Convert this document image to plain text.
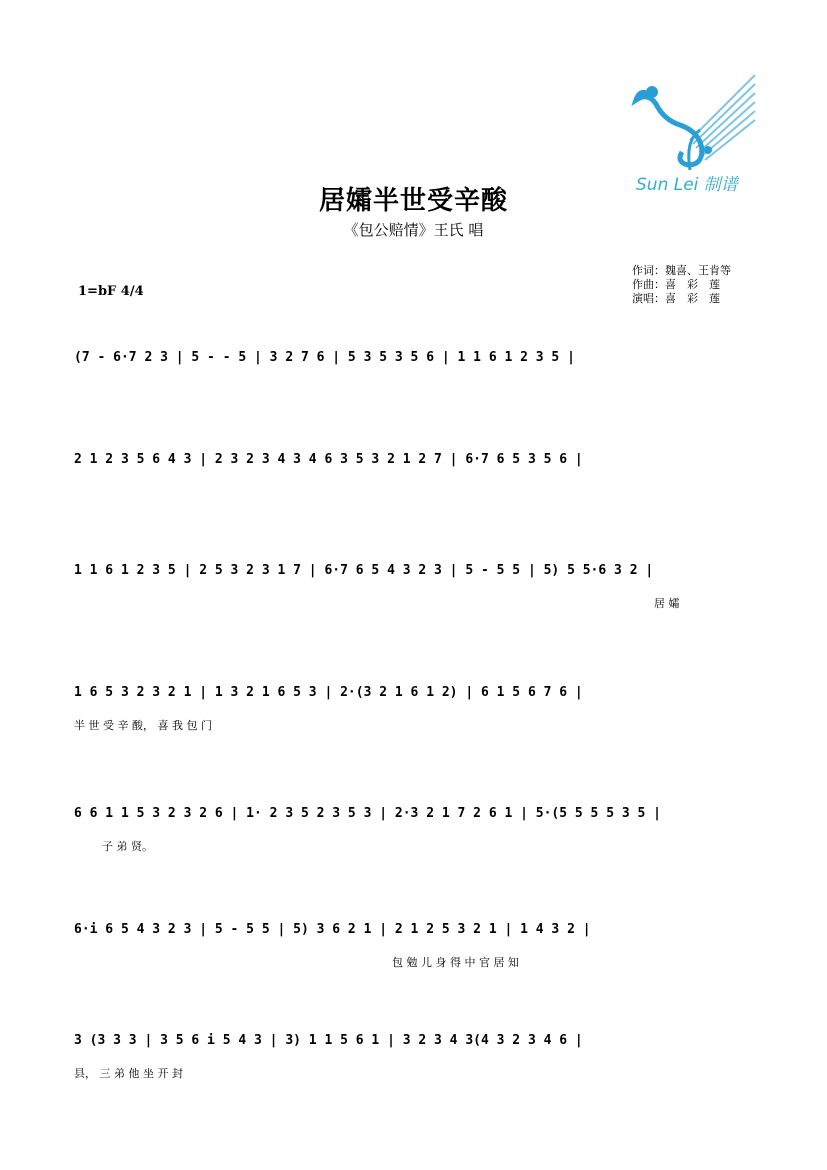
Sun Lei 制谱
居孀半世受辛酸
《包公赔情》王氏 唱
作词：魏喜、王肯等
作曲：喜　彩　莲
演唱：喜　彩　莲
1=bF 4/4
(7 - 6·7 2 3 | 5 - - 5 | 3 2 7 6 | 5 3 5 3 5 6 | 1 1 6 1 2 3 5 |
2 1 2 3 5 6 4 3 | 2 3 2 3 4 3 4 6 3 5 3 2 1 2 7 | 6·7 6 5 3 5 6 |
1 1 6 1 2 3 5 | 2 5 3 2 3 1 7 | 6·7 6 5 4 3 2 3 | 5 - 5 5 | 5) 5 5·6 3 2 |
居 孀
1 6 5 3 2 3 2 1 | 1 3 2 1 6 5 3 | 2·(3 2 1 6 1 2) | 6 1 5 6 7 6 |
半 世 受 辛 酸， 喜 我 包 门
6 6 1 1 5 3 2 3 2 6 | 1· 2 3 5 2 3 5 3 | 2·3 2 1 7 2 6 1 | 5·(5 5 5 5 3 5 |
子 弟 贤。
6·i 6 5 4 3 2 3 | 5 - 5 5 | 5) 3 6 2 1 | 2 1 2 5 3 2 1 | 1 4 3 2 |
包 勉 儿 身 得 中 官 居 知
3 (3 3 3 | 3 5 6 i 5 4 3 | 3) 1 1 5 6 1 | 3 2 3 4 3(4 3 2 3 4 6 |
县， 三 弟 他 坐 开 封
